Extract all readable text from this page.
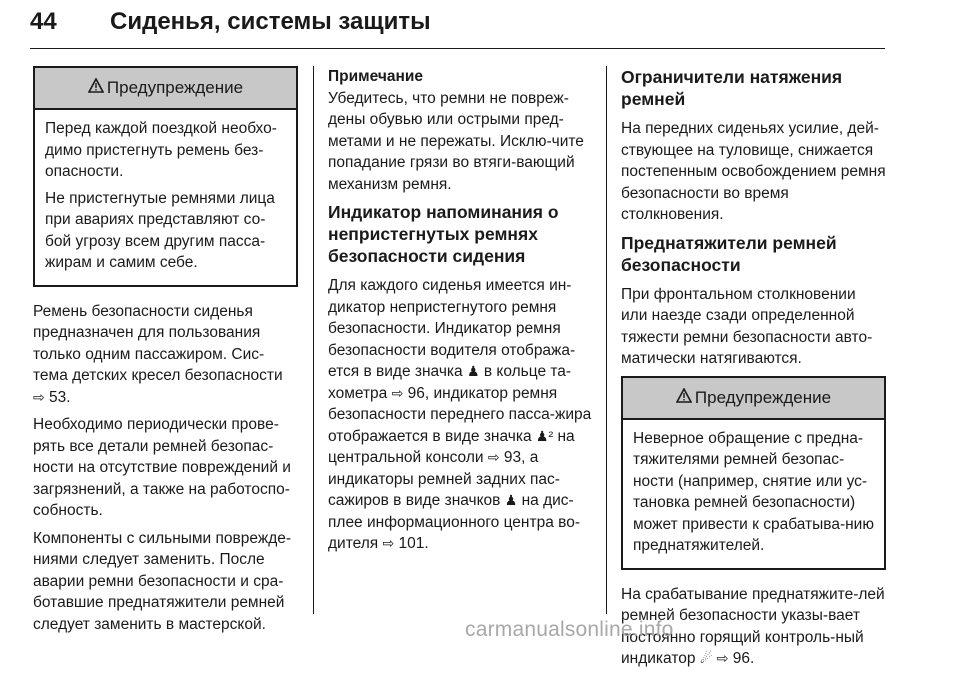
44 Сиденья, системы защиты
Предупреждение

Перед каждой поездкой необхо-димо пристегнуть ремень без-опасности.

Не пристегнутые ремнями лица при авариях представляют со-бой угрозу всем другим пасса-жирам и самим себе.

Ремень безопасности сиденья предназначен для пользования только одним пассажиром. Сис-тема детских кресел безопасности ⇨ 53.

Необходимо периодически прове-рять все детали ремней безопас-ности на отсутствие повреждений и загрязнений, а также на работоспо-собность.

Компоненты с сильными поврежде-ниями следует заменить. После аварии ремни безопасности и сра-ботавшие преднатяжители ремней следует заменить в мастерской.

Примечание

Убедитесь, что ремни не повреж-дены обувью или острыми пред-метами и не пережаты. Исклю-чите попадание грязи во втяги-вающий механизм ремня.

Индикатор напоминания о непристегнутых ремнях безопасности сидения

Для каждого сиденья имеется ин-дикатор непристегнутого ремня безопасности. Индикатор ремня безопасности водителя отобража-ется в виде значка ♟ в кольце та-хометра ⇨ 96, индикатор ремня безопасности переднего пасса-жира отображается в виде значка ♟² на центральной консоли ⇨ 93, а индикаторы ремней задних пас-сажиров в виде значков ♟ на дис-плее информационного центра во-дителя ⇨ 101.

Ограничители натяжения ремней

На передних сиденьях усилие, дей-ствующее на туловище, снижается постепенным освобождением ремня безопасности во время столкновения.

Преднатяжители ремней безопасности

При фронтальном столкновении или наезде сзади определенной тяжести ремни безопасности авто-матически натягиваются.

Предупреждение

Неверное обращение с предна-тяжителями ремней безопас-ности (например, снятие или ус-тановка ремней безопасности) может привести к срабатыва-нию преднатяжителей.

На срабатывание преднатяжите-лей ремней безопасности указы-вает постоянно горящий контроль-ный индикатор ☄ ⇨ 96.

carmanualsonline.info
